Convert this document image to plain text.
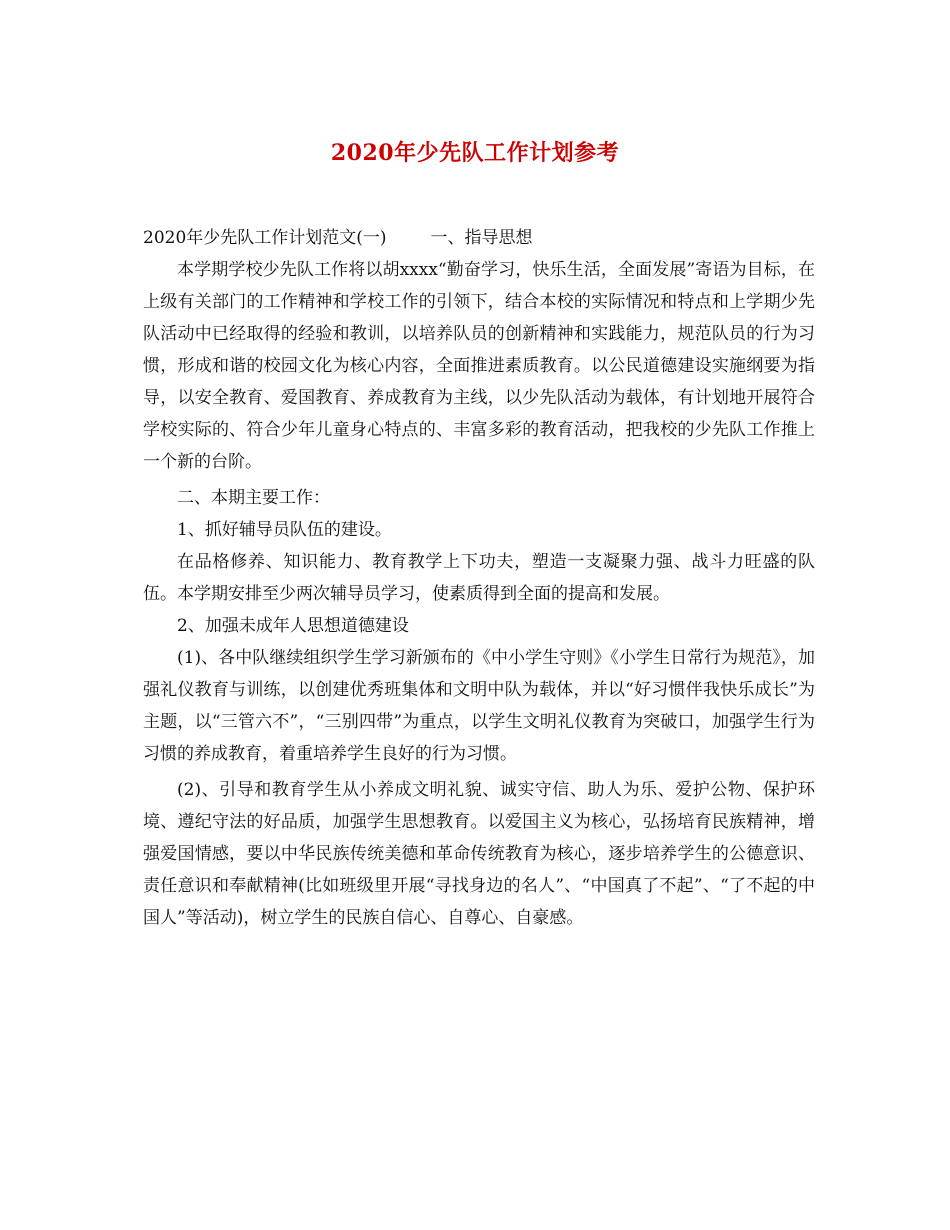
2020年少先队工作计划参考

2020年少先队工作计划范文(一)	一、指导思想

本学期学校少先队工作将以胡xxxx“勤奋学习，快乐生活，全面发展”寄语为目标，在上级有关部门的工作精神和学校工作的引领下，结合本校的实际情况和特点和上学期少先队活动中已经取得的经验和教训，以培养队员的创新精神和实践能力，规范队员的行为习惯，形成和谐的校园文化为核心内容，全面推进素质教育。以公民道德建设实施纲要为指导，以安全教育、爱国教育、养成教育为主线，以少先队活动为载体，有计划地开展符合学校实际的、符合少年儿童身心特点的、丰富多彩的教育活动，把我校的少先队工作推上一个新的台阶。

二、本期主要工作：

1、抓好辅导员队伍的建设。

在品格修养、知识能力、教育教学上下功夫，塑造一支凝聚力强、战斗力旺盛的队伍。本学期安排至少两次辅导员学习，使素质得到全面的提高和发展。

2、加强未成年人思想道德建设

(1)、各中队继续组织学生学习新颁布的《中小学生守则》《小学生日常行为规范》，加强礼仪教育与训练，以创建优秀班集体和文明中队为载体，并以“好习惯伴我快乐成长”为主题，以“三管六不”，“三别四带”为重点，以学生文明礼仪教育为突破口，加强学生行为习惯的养成教育，着重培养学生良好的行为习惯。

(2)、引导和教育学生从小养成文明礼貌、诚实守信、助人为乐、爱护公物、保护环境、遵纪守法的好品质，加强学生思想教育。以爱国主义为核心，弘扬培育民族精神，增强爱国情感，要以中华民族传统美德和革命传统教育为核心，逐步培养学生的公德意识、责任意识和奉献精神(比如班级里开展“寻找身边的名人”、“中国真了不起”、“了不起的中国人”等活动)，树立学生的民族自信心、自尊心、自豪感。
